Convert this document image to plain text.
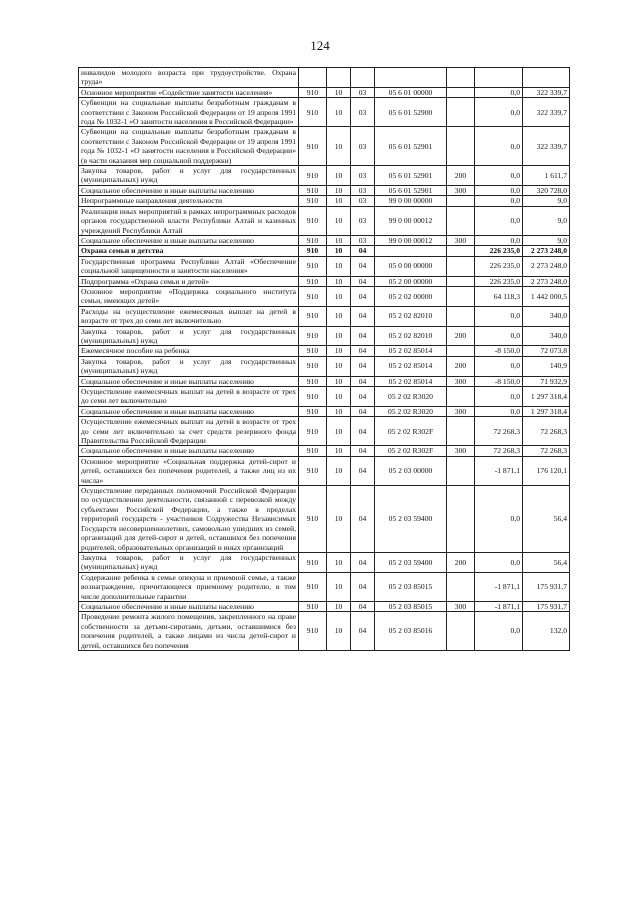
124
инвалидов молодого возраста при трудоустройстве. Охрана труда»							
Основное мероприятие «Содействие занятости населения»	910	10	03	05 6 01 00000		0,0	322 339,7
Субвенции на социальные выплаты безработным гражданам в соответствии с Законом Российской Федерации от 19 апреля 1991 года № 1032-1 «О занятости населения в Российской Федерации»	910	10	03	05 6 01 52900		0,0	322 339,7
Субвенции на социальные выплаты безработным гражданам в соответствии с Законом Российской Федерации от 19 апреля 1991 года № 1032-1 «О занятости населения в Российской Федерации» (в части оказания мер социальной поддержки)	910	10	03	05 6 01 52901		0,0	322 339,7
Закупка товаров, работ и услуг для государственных (муниципальных) нужд	910	10	03	05 6 01 52901	200	0,0	1 611,7
Социальное обеспечение и иные выплаты населению	910	10	03	05 6 01 52901	300	0,0	320 728,0
Непрограммные направления деятельности	910	10	03	99 0 00 00000		0,0	9,0
Реализация иных мероприятий в рамках непрограммных расходов органов государственной власти Республики Алтай и казенных учреждений Республики Алтай	910	10	03	99 0 00 00012		0,0	9,0
Социальное обеспечение и иные выплаты населению	910	10	03	99 0 00 00012	300	0,0	9,0
Охрана семьи и детства	910	10	04			226 235,0	2 273 248,0
Государственная программа Республики Алтай «Обеспечение социальной защищенности и занятости населения»	910	10	04	05 0 00 00000		226 235,0	2 273 248,0
Подпрограмма «Охрана семьи и детей»	910	10	04	05 2 00 00000		226 235,0	2 273 248,0
Основное мероприятие «Поддержка социального института семьи, имеющих детей»	910	10	04	05 2 02 00000		64 118,3	1 442 000,5
Расходы на осуществление ежемесячных выплат на детей в возрасте от трех до семи лет включительно	910	10	04	05 2 02 82010		0,0	340,0
Закупка товаров, работ и услуг для государственных (муниципальных) нужд	910	10	04	05 2 02 82010	200	0,0	340,0
Ежемесячное пособие на ребенка	910	10	04	05 2 02 85014		-8 150,0	72 073,8
Закупка товаров, работ и услуг для государственных (муниципальных) нужд	910	10	04	05 2 02 85014	200	0,0	140,9
Социальное обеспечение и иные выплаты населению	910	10	04	05 2 02 85014	300	-8 150,0	71 932,9
Осуществление ежемесячных выплат на детей в возрасте от трех до семи лет включительно	910	10	04	05 2 02 R3020		0,0	1 297 318,4
Социальное обеспечение и иные выплаты населению	910	10	04	05 2 02 R3020	300	0,0	1 297 318,4
Осуществление ежемесячных выплат на детей в возрасте от трех до семи лет включительно за счет средств резервного фонда Правительства Российской Федерации	910	10	04	05 2 02 R302F		72 268,3	72 268,3
Социальное обеспечение и иные выплаты населению	910	10	04	05 2 02 R302F	300	72 268,3	72 268,3
Основное мероприятие «Социальная поддержка детей-сирот и детей, оставшихся без попечения родителей, а также лиц из их числа»	910	10	04	05 2 03 00000		-1 871,1	176 120,1
Осуществление переданных полномочий Российской Федерации по осуществлению деятельности, связанной с перевозкой между субъектами Российской Федерации, а также в пределах территорий государств - участников Содружества Независимых Государств несовершеннолетних, самовольно ушедших из семей, организаций для детей-сирот и детей, оставшихся без попечения родителей, образовательных организаций и иных организаций	910	10	04	05 2 03 59400		0,0	56,4
Закупка товаров, работ и услуг для государственных (муниципальных) нужд	910	10	04	05 2 03 59400	200	0,0	56,4
Содержание ребенка в семье опекуна и приемной семье, а также вознаграждение, причитающееся приемному родителю, в том числе дополнительные гарантии	910	10	04	05 2 03 85015		-1 871,1	175 931,7
Социальное обеспечение и иные выплаты населению	910	10	04	05 2 03 85015	300	-1 871,1	175 931,7
Проведение ремонта жилого помещения, закрепленного на праве собственности за детьми-сиротами, детьми, оставшимися без попечения родителей, а также лицами из числа детей-сирот и детей, оставшихся без попечения	910	10	04	05 2 03 85016		0,0	132,0
